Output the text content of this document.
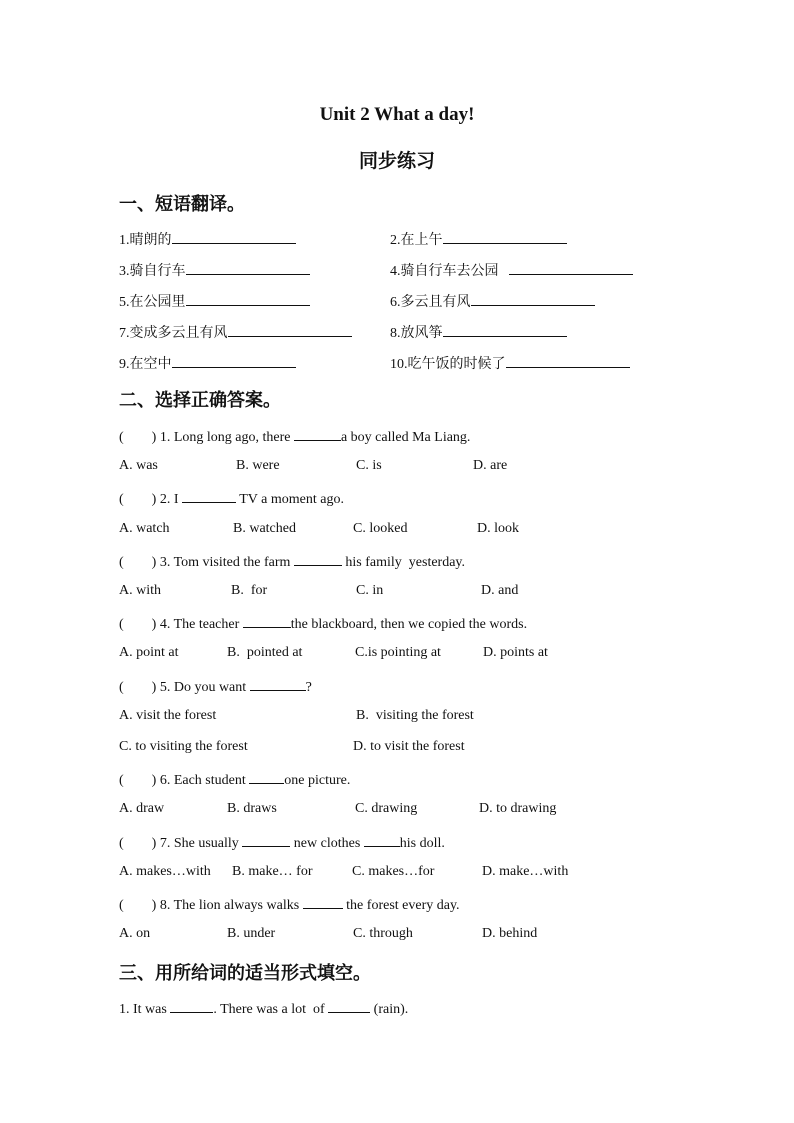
Unit 2 What a day!
同步练习
一、短语翻译。
1.晴朗的	2.在上午
3.骑自行车	4.骑自行车去公园
5.在公园里	6.多云且有风
7.变成多云且有风	8.放风筝
9.在空中	10.吃午饭的时候了
二、选择正确答案。
(        ) 1. Long long ago, there	a boy called Ma Liang.
A. was	B. were	C. is	D. are
(        ) 2. I	TV a moment ago.
A. watch	B. watched	C. looked	D. look
(        ) 3. Tom visited the farm	his family  yesterday.
A. with	B.  for	C. in	D. and
(        ) 4. The teacher	the blackboard, then we copied the words.
A. point at	B.  pointed at	C.is pointing at	D. points at
(        ) 5. Do you want	?
A. visit the forest	B.  visiting the forest
C. to visiting the forest	D. to visit the forest
(        ) 6. Each student	one picture.
A. draw	B. draws	C. drawing	D. to drawing
(        ) 7. She usually	new clothes	his doll.
A. makes…with B. make… for	C. makes…for	D. make…with
(        ) 8. The lion always walks	the forest every day.
A. on	B. under	C. through	D. behind
三、用所给词的适当形式填空。
1. It was	. There was a lot  of	(rain).
